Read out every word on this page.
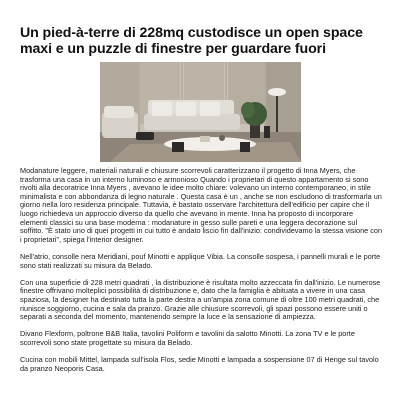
Un pied-à-terre di 228mq custodisce un open space maxi e un puzzle di finestre per guardare fuori

Modanature leggere, materiali naturali e chiusure scorrevoli caratterizzano il progetto di Inna Myers, che trasforma una casa in un interno luminoso e armonioso Quando i proprietari di questo appartamento si sono rivolti alla decoratrice Inna Myers , avevano le idee molto chiare: volevano un interno contemporaneo, in stile minimalista e con abbondanza di legno naturale . Questa casa è un , anche se non escludono di trasformarla un giorno nella loro residenza principale. Tuttavia, è bastato osservare l'architettura dell'edificio per capire che il luogo richiedeva un approccio diverso da quello che avevano in mente. Inna ha proposto di incorporare elementi classici su una base moderna : modanature in gesso sulle pareti e una leggera decorazione sul soffitto. "È stato uno di quei progetti in cui tutto è andato liscio fin dall'inizio: condividevamo la stessa visione con i proprietari", spiega l'interior designer.

Nell'atrio, consolle nera Meridiani, pouf Minotti e applique Vibia. La consolle sospesa, i pannelli murali e le porte sono stati realizzati su misura da Belado.

Con una superficie di 228 metri quadrati , la distribuzione è risultata molto azzeccata fin dall'inizio. Le numerose finestre offrivano molteplici possibilità di distribuzione e, dato che la famiglia è abituata a vivere in una casa spaziosa, la designer ha destinato tutta la parte destra a un'ampia zona comune di oltre 100 metri quadrati, che riunisce soggiorno, cucina e sala da pranzo. Grazie alle chiusure scorrevoli, gli spazi possono essere uniti o separati a seconda del momento, mantenendo sempre la luce e la sensazione di ampiezza.

Divano Flexform, poltrone B&B Italia, tavolini Poliform e tavolini da salotto Minotti. La zona TV e le porte scorrevoli sono state progettate su misura da Belado.

Cucina con mobili Mittel, lampada sull'isola Flos, sedie Minotti e lampada a sospensione 07 di Henge sul tavolo da pranzo Neoporis Casa.
